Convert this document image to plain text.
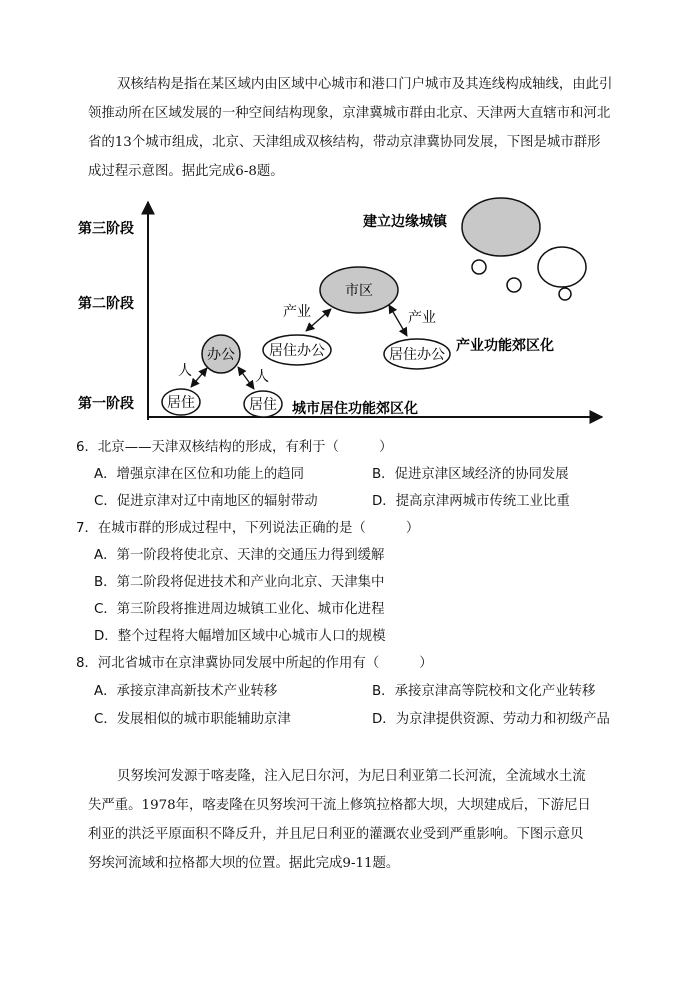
双核结构是指在某区域内由区域中心城市和港口门户城市及其连线构成轴线，由此引
领推动所在区域发展的一种空间结构现象，京津冀城市群由北京、天津两大直辖市和河北
省的13个城市组成，北京、天津组成双核结构，带动京津冀协同发展，下图是城市群形
成过程示意图。据此完成6-8题。
第三阶段
第二阶段
第一阶段 居住
办公
居住
人	人
城市居住功能郊区化
居住办公
市区
居住办公
产业	产业
产业功能郊区化
建立边缘城镇
6．北京——天津双核结构的形成，有利于（　　　）
A．增强京津在区位和功能上的趋同	B．促进京津区域经济的协同发展
C．促进京津对辽中南地区的辐射带动	D．提高京津两城市传统工业比重
7．在城市群的形成过程中，下列说法正确的是（　　　）
A．第一阶段将使北京、天津的交通压力得到缓解
B．第二阶段将促进技术和产业向北京、天津集中
C．第三阶段将推进周边城镇工业化、城市化进程
D．整个过程将大幅增加区域中心城市人口的规模
8．河北省城市在京津冀协同发展中所起的作用有（　　　）
A．承接京津高新技术产业转移	B．承接京津高等院校和文化产业转移
C．发展相似的城市职能辅助京津	D．为京津提供资源、劳动力和初级产品
贝努埃河发源于喀麦隆，注入尼日尔河，为尼日利亚第二长河流，全流域水土流
失严重。1978年，喀麦隆在贝努埃河干流上修筑拉格都大坝，大坝建成后，下游尼日
利亚的洪泛平原面积不降反升，并且尼日利亚的灌溉农业受到严重影响。下图示意贝
努埃河流域和拉格都大坝的位置。据此完成9-11题。
